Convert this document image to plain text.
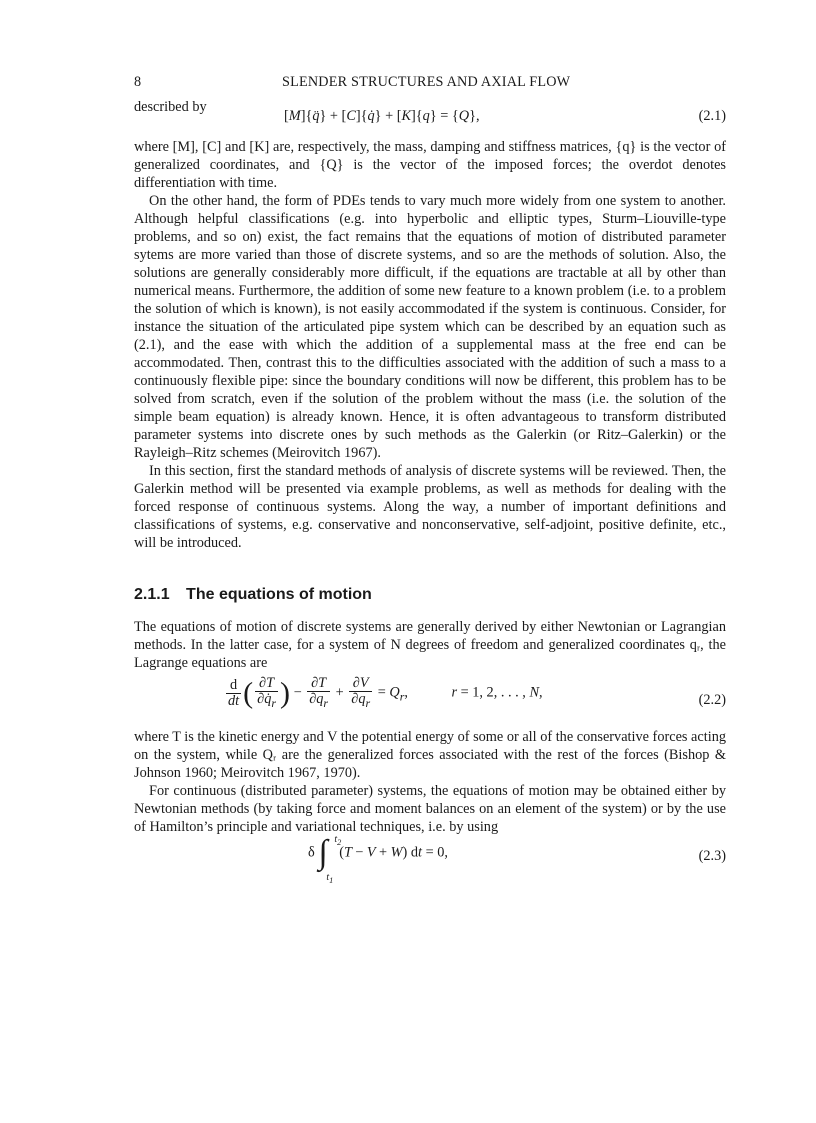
8	SLENDER STRUCTURES AND AXIAL FLOW

described by

[M]{q̈} + [C]{q̇} + [K]{q} = {Q},	(2.1)

where [M], [C] and [K] are, respectively, the mass, damping and stiffness matrices, {q} is the vector of generalized coordinates, and {Q} is the vector of the imposed forces; the overdot denotes differentiation with time.

On the other hand, the form of PDEs tends to vary much more widely from one system to another. Although helpful classifications (e.g. into hyperbolic and elliptic types, Sturm–Liouville-type problems, and so on) exist, the fact remains that the equations of motion of distributed parameter sytems are more varied than those of discrete systems, and so are the methods of solution. Also, the solutions are generally considerably more difficult, if the equations are tractable at all by other than numerical means. Furthermore, the addition of some new feature to a known problem (i.e. to a problem the solution of which is known), is not easily accommodated if the system is continuous. Consider, for instance the situation of the articulated pipe system which can be described by an equation such as (2.1), and the ease with which the addition of a supplemental mass at the free end can be accommodated. Then, contrast this to the difficulties associated with the addition of such a mass to a continuously flexible pipe: since the boundary conditions will now be different, this problem has to be solved from scratch, even if the solution of the problem without the mass (i.e. the solution of the simple beam equation) is already known. Hence, it is often advantageous to transform distributed parameter systems into discrete ones by such methods as the Galerkin (or Ritz–Galerkin) or the Rayleigh–Ritz schemes (Meirovitch 1967).

In this section, first the standard methods of analysis of discrete systems will be reviewed. Then, the Galerkin method will be presented via example problems, as well as methods for dealing with the forced response of continuous systems. Along the way, a number of important definitions and classifications of systems, e.g. conservative and nonconservative, self-adjoint, positive definite, etc., will be introduced.

2.1.1 The equations of motion

The equations of motion of discrete systems are generally derived by either Newtonian or Lagrangian methods. In the latter case, for a system of N degrees of freedom and generalized coordinates qᵣ, the Lagrange equations are

$\frac{d}{dt}$ ( $\frac{\partial T}{\partial q̇_r}$ ) − $\frac{\partial T}{\partial q_r} + \frac{\partial V}{\partial q_r} = Q_r$,	r = 1, 2, . . . , N,	(2.2)

where T is the kinetic energy and V the potential energy of some or all of the conservative forces acting on the system, while Qᵣ are the generalized forces associated with the rest of the forces (Bishop & Johnson 1960; Meirovitch 1967, 1970).

For continuous (distributed parameter) systems, the equations of motion may be obtained either by Newtonian methods (by taking force and moment balances on an element of the system) or by the use of Hamilton’s principle and variational techniques, i.e. by using

δ ∫ $t_2$
$t_1$
(T − V + W) dt = 0,	(2.3)
